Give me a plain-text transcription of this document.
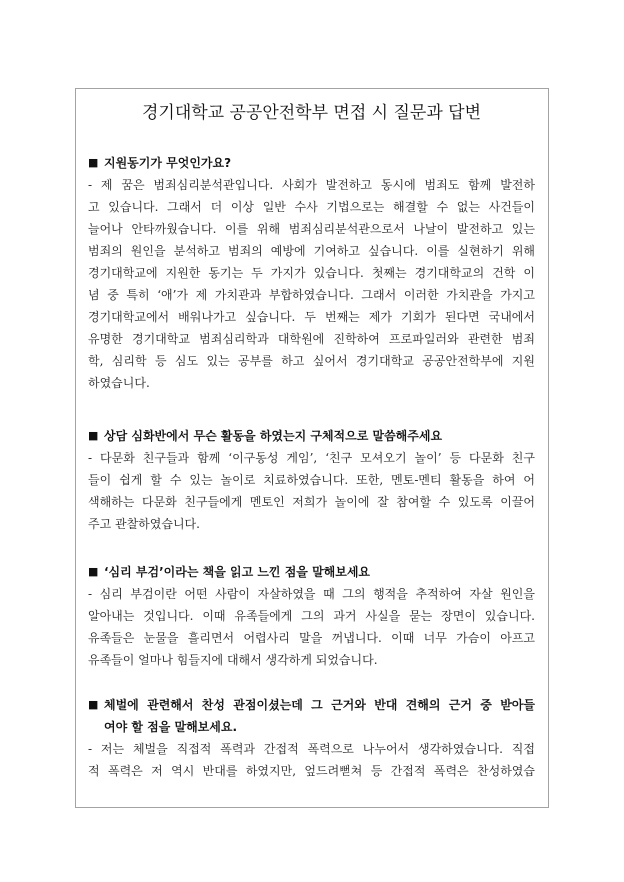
경기대학교 공공안전학부 면접 시 질문과 답변
■ 지원동기가 무엇인가요?
- 제 꿈은 범죄심리분석관입니다. 사회가 발전하고 동시에 범죄도 함께 발전하
고 있습니다. 그래서 더 이상 일반 수사 기법으로는 해결할 수 없는 사건들이
늘어나 안타까웠습니다. 이를 위해 범죄심리분석관으로서 나날이 발전하고 있는
범죄의 원인을 분석하고 범죄의 예방에 기여하고 싶습니다. 이를 실현하기 위해
경기대학교에 지원한 동기는 두 가지가 있습니다. 첫째는 경기대학교의 건학 이
념 중 특히 ‘애’가 제 가치관과 부합하였습니다. 그래서 이러한 가치관을 가지고
경기대학교에서 배워나가고 싶습니다. 두 번째는 제가 기회가 된다면 국내에서
유명한 경기대학교 범죄심리학과 대학원에 진학하여 프로파일러와 관련한 범죄
학, 심리학 등 심도 있는 공부를 하고 싶어서 경기대학교 공공안전학부에 지원
하였습니다.
■ 상담 심화반에서 무슨 활동을 하였는지 구체적으로 말씀해주세요
- 다문화 친구들과 함께 ‘이구동성 게임’, ‘친구 모셔오기 놀이’ 등 다문화 친구
들이 쉽게 할 수 있는 놀이로 치료하였습니다. 또한, 멘토-멘티 활동을 하여 어
색해하는 다문화 친구들에게 멘토인 저희가 놀이에 잘 참여할 수 있도록 이끌어
주고 관찰하였습니다.
■ ‘심리 부검’이라는 책을 읽고 느낀 점을 말해보세요
- 심리 부검이란 어떤 사람이 자살하였을 때 그의 행적을 추적하여 자살 원인을
알아내는 것입니다. 이때 유족들에게 그의 과거 사실을 묻는 장면이 있습니다.
유족들은 눈물을 흘리면서 어렵사리 말을 꺼냅니다. 이때 너무 가슴이 아프고
유족들이 얼마나 힘들지에 대해서 생각하게 되었습니다.
■ 체벌에 관련해서 찬성 관점이셨는데 그 근거와 반대 견해의 근거 중 받아들
여야 할 점을 말해보세요.
- 저는 체벌을 직접적 폭력과 간접적 폭력으로 나누어서 생각하였습니다. 직접
적 폭력은 저 역시 반대를 하였지만, 엎드려뻗쳐 등 간접적 폭력은 찬성하였습
